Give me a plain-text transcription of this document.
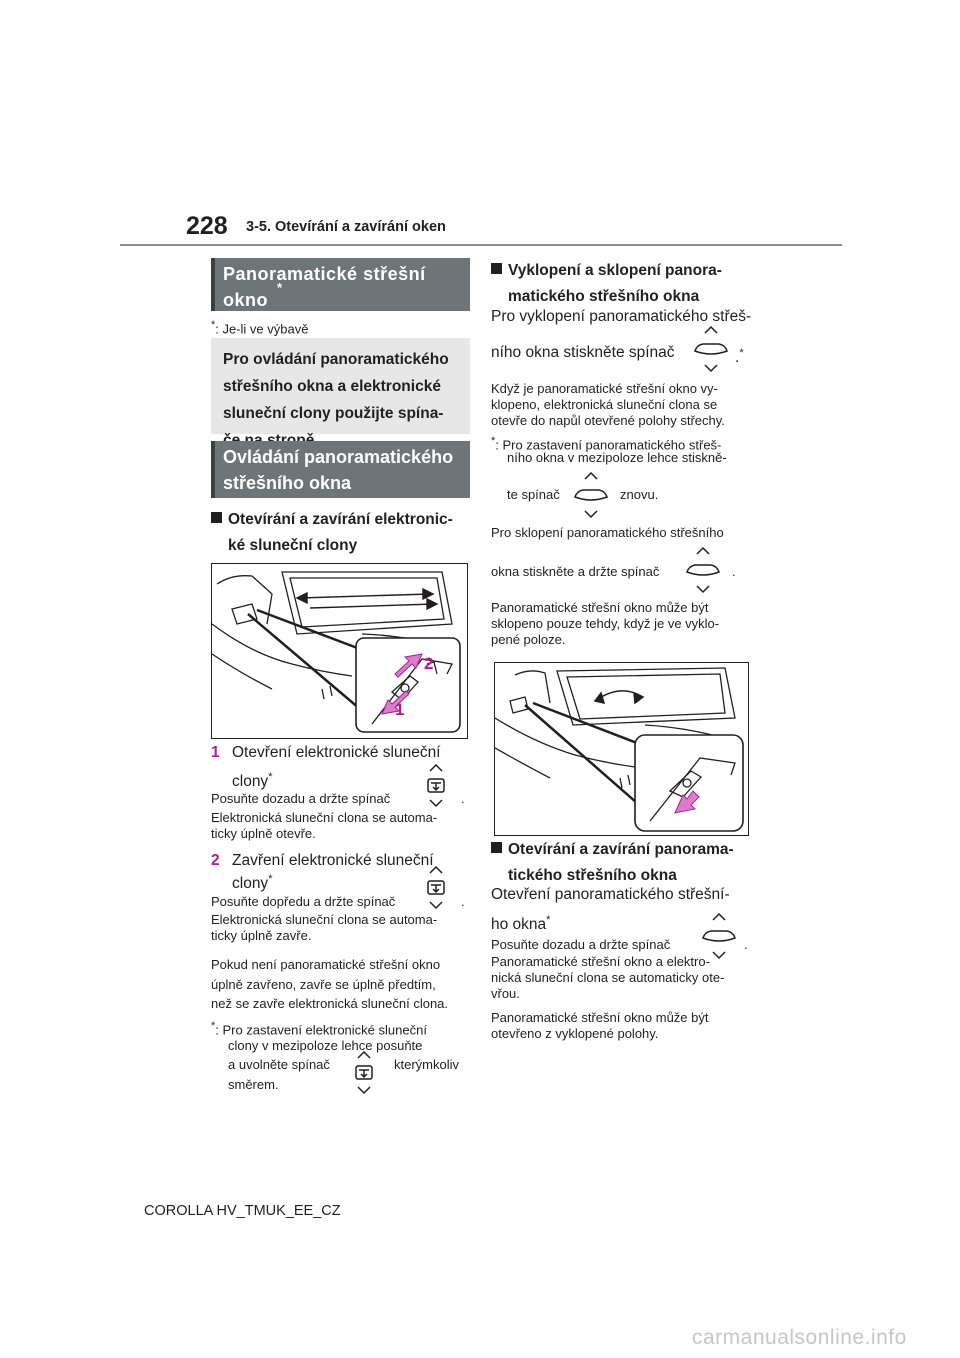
228 3-5. Otevírání a zavírání oken
Panoramatické střešní okno
*
*: Je-li ve výbavě
Pro ovládání panoramatického
střešního okna a elektronické
sluneční clony použijte spína-
Ovládání panoramatického
střešního okna
Otevírání a zavírání elektronic-
ké sluneční clony
2
1
1 Otevření elektronické sluneční
clony*
Posuňte dozadu a držte spínač	.
Elektronická sluneční clona se automa-
ticky úplně otevře.
2 Zavření elektronické sluneční
clony*
Posuňte dopředu a držte spínač	.
Elektronická sluneční clona se automa-
ticky úplně zavře.
Pokud není panoramatické střešní okno
úplně zavřeno, zavře se úplně předtím,
než se zavře elektronická sluneční clona.
*: Pro zastavení elektronické sluneční
clony v mezipoloze lehce posuňte
a uvolněte spínač	kterýmkoliv
směrem.
Vyklopení a sklopení panora-
matického střešního okna
Pro vyklopení panoramatického střeš-
ního okna stiskněte spínač	.*
Když je panoramatické střešní okno vy-
klopeno, elektronická sluneční clona se
otevře do napůl otevřené polohy střechy.
*: Pro zastavení panoramatického střeš-
ního okna v mezipoloze lehce stiskně-
te spínač	znovu.
Pro sklopení panoramatického střešního
okna stiskněte a držte spínač	.
Panoramatické střešní okno může být
sklopeno pouze tehdy, když je ve vyklo-
pené poloze.
Otevírání a zavírání panorama-
tického střešního okna
Otevření panoramatického střešní-
ho okna*
Posuňte dozadu a držte spínač	.
Panoramatické střešní okno a elektro-
nická sluneční clona se automaticky ote-
vřou.
Panoramatické střešní okno může být
otevřeno z vyklopené polohy.
COROLLA HV_TMUK_EE_CZ
carmanualsonline.info
